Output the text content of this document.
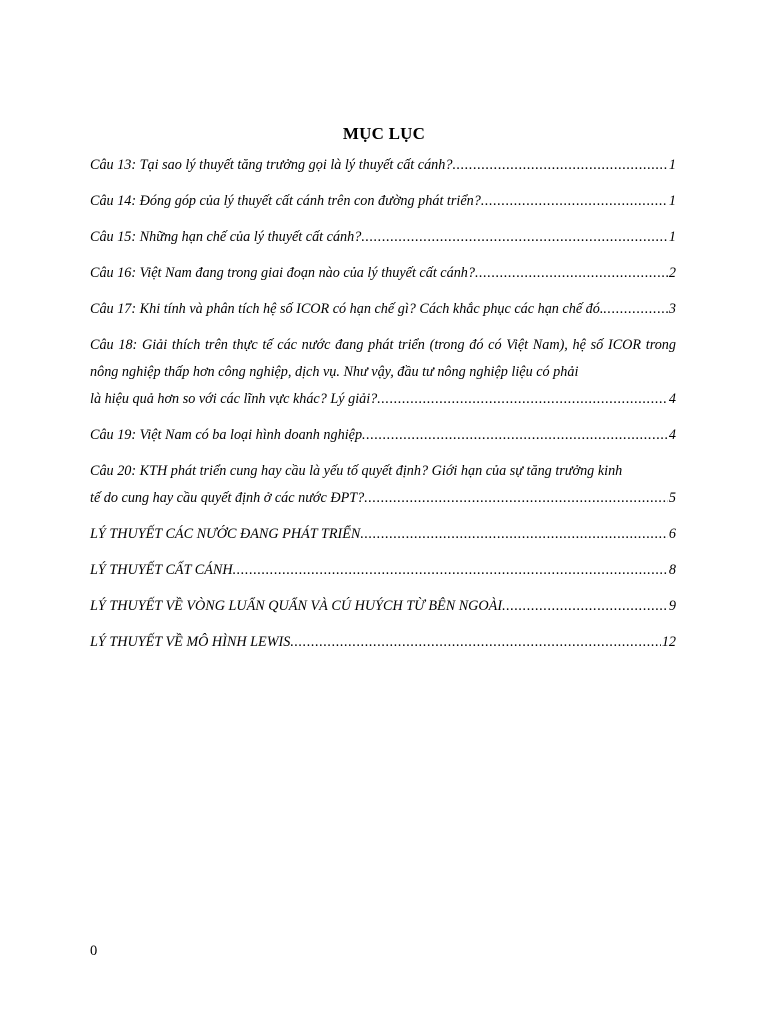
MỤC LỤC
Câu 13: Tại sao lý thuyết tăng trưởng gọi là lý thuyết cất cánh? .....	1
Câu 14: Đóng góp của lý thuyết cất cánh trên con đường phát triển? .....	1
Câu 15: Những hạn chế của lý thuyết cất cánh? .....	1
Câu 16: Việt Nam đang trong giai đoạn nào của lý thuyết cất cánh? .....	2
Câu 17: Khi tính và phân tích hệ số ICOR có hạn chế gì? Cách khắc phục các hạn chế đó. .....	3
Câu 18: Giải thích trên thực tế các nước đang phát triển (trong đó có Việt Nam), hệ số ICOR trong nông nghiệp thấp hơn công nghiệp, dịch vụ. Như vậy, đầu tư nông nghiệp liệu có phải
là hiệu quả hơn so với các lĩnh vực khác? Lý giải? .....	4
Câu 19: Việt Nam có ba loại hình doanh nghiệp .....	4
Câu 20: KTH phát triển cung hay cầu là yếu tố quyết định? Giới hạn của sự tăng trưởng kinh
tế do cung hay cầu quyết định ở các nước ĐPT? .....	5
LÝ THUYẾT CÁC NƯỚC ĐANG PHÁT TRIỂN .....	6
LÝ THUYẾT CẤT CÁNH .....	8
LÝ THUYẾT VỀ VÒNG LUẨN QUẨN VÀ CÚ HUÝCH TỪ BÊN NGOÀI .....	9
LÝ THUYẾT VỀ MÔ HÌNH LEWIS .....	12
0
